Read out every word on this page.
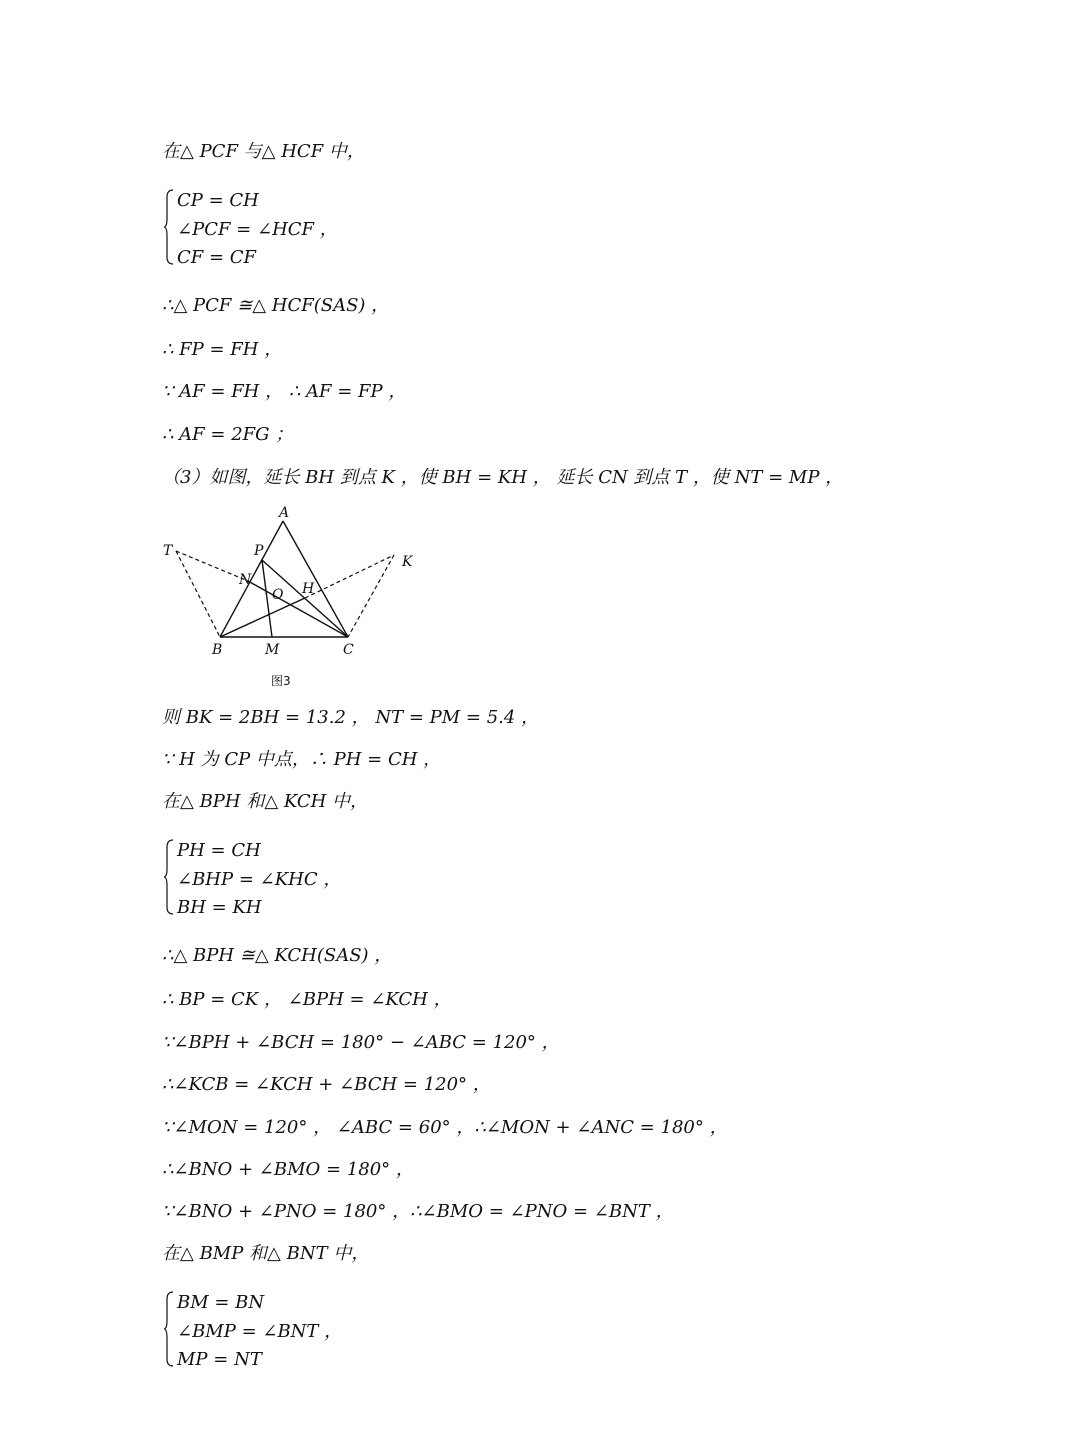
在△ PCF 与△ HCF 中，
CP = CH
∠PCF = ∠HCF ，
CF = CF
∴△ PCF ≅△ HCF(SAS) ，
∴ FP = FH ，
∵ AF = FH ， ∴ AF = FP ，
∴ AF = 2FG ；
（3）如图，延长 BH 到点 K ，使 BH = KH ， 延长 CN 到点 T ，使 NT = MP ，
A
P
T
K
N
O H
B	M	C
图3
则 BK = 2BH = 13.2 ， NT = PM = 5.4 ，
∵ H 为 CP 中点，∴ PH = CH ，
在△ BPH 和△ KCH 中，
PH = CH
∠BHP = ∠KHC ，
BH = KH
∴△ BPH ≅△ KCH(SAS) ，
∴ BP = CK ， ∠BPH = ∠KCH ，
∵∠BPH + ∠BCH = 180° − ∠ABC = 120° ，
∴∠KCB = ∠KCH + ∠BCH = 120° ，
∵∠MON = 120° ， ∠ABC = 60° ，∴∠MON + ∠ANC = 180° ，
∴∠BNO + ∠BMO = 180° ，
∵∠BNO + ∠PNO = 180° ，∴∠BMO = ∠PNO = ∠BNT ，
在△ BMP 和△ BNT 中，
BM = BN
∠BMP = ∠BNT ，
MP = NT
